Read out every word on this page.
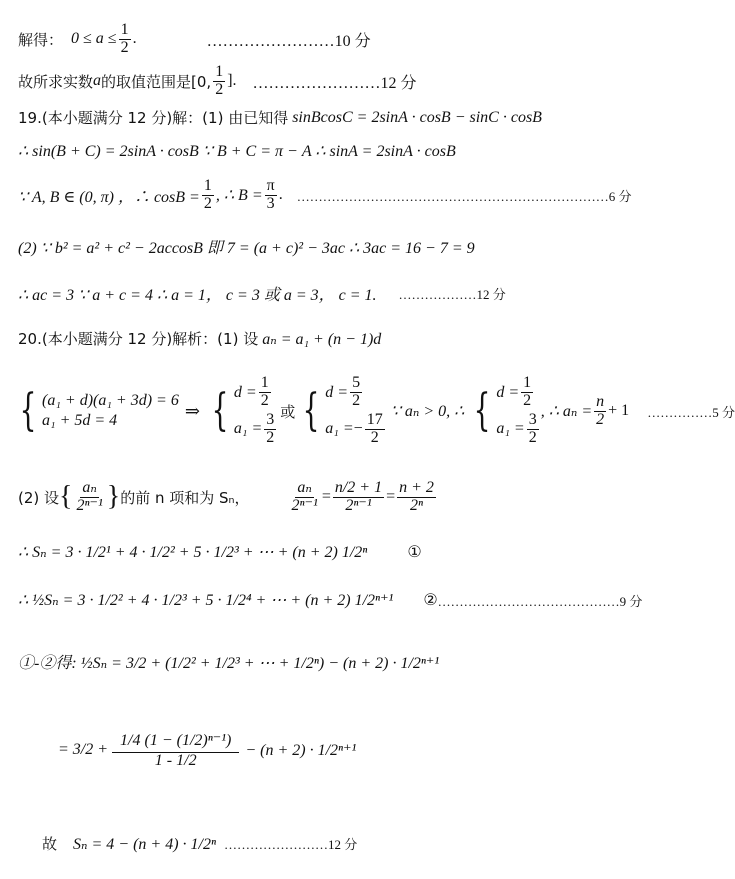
解得： $0 \le a \le \frac{1}{2}$ .	……………………10 分
故所求实数 a 的取值范围是[0, $\frac{1}{2}$ ]. ……………………12 分
19.(本小题满分 12 分)解：(1) 由已知得 sinBcosC = 2sinA · cosB − sinC · cosB
∴ sin(B + C) = 2sinA · cosB ∵ B + C = π − A ∴ sinA = 2sinA · cosB
∵ A, B ∈ (0, π) ，∴ $\cos B = \frac{1}{2}$ , ∴ $B = \frac{\pi}{3}$ . ………………………………………………………………6 分
(2) ∵ b² = a² + c² − 2accosB 即 7 = (a + c)² − 3ac ∴ 3ac = 16 − 7 = 9
∴ ac = 3 ∵ a + c = 4 ∴ a = 1， c = 3 或 a = 3， c = 1. ………………12 分
20.(本小题满分 12 分)解析：(1) 设 aₙ = a₁ + (n − 1)d
{ (a₁ + d)(a₁ + 3d) = 6
a₁ + 5d = 4	⇒ { $d = \frac{1}{2}$
$a_1 = \frac{3}{2}$
或 { $d = \frac{5}{2}$
a₁ = − $\frac{17}{2}$
∵ aₙ > 0, ∴ { $d = \frac{1}{2}$
$a_1 = \frac{3}{2}$
, ∴ $a_n = \frac{n}{2} + 1$ ……………5 分
(2) 设 { $\frac{\text{aₙ}}{\text{2ⁿ⁻¹}}$ } 的前 n 项和为 Sₙ，	$\frac{\text{aₙ}}{\text{2ⁿ⁻¹}} = \frac{n/2 + 1}{\text{2ⁿ⁻¹}} = \frac{n + 2}{\text{2ⁿ}}$
∴ Sₙ = 3 · 1/2¹ + 4 · 1/2² + 5 · 1/2³ + ⋯ + (n + 2) 1/2ⁿ	①
∴ ½Sₙ = 3 · 1/2² + 4 · 1/2³ + 5 · 1/2⁴ + ⋯ + (n + 2) 1/2ⁿ⁺¹ ② ……………………………………9 分
①-②得: ½Sₙ = 3/2 + (1/2² + 1/2³ + ⋯ + 1/2ⁿ) − (n + 2) · 1/2ⁿ⁺¹
= $3/2 + \frac{\text{1/4 (1 − (1/2)ⁿ⁻¹)}}{1 - 1/2} - (n + 2) \cdot 1/2^{n+1}$
故 Sₙ = 4 − (n + 4) · 1/2ⁿ ……………………12 分
